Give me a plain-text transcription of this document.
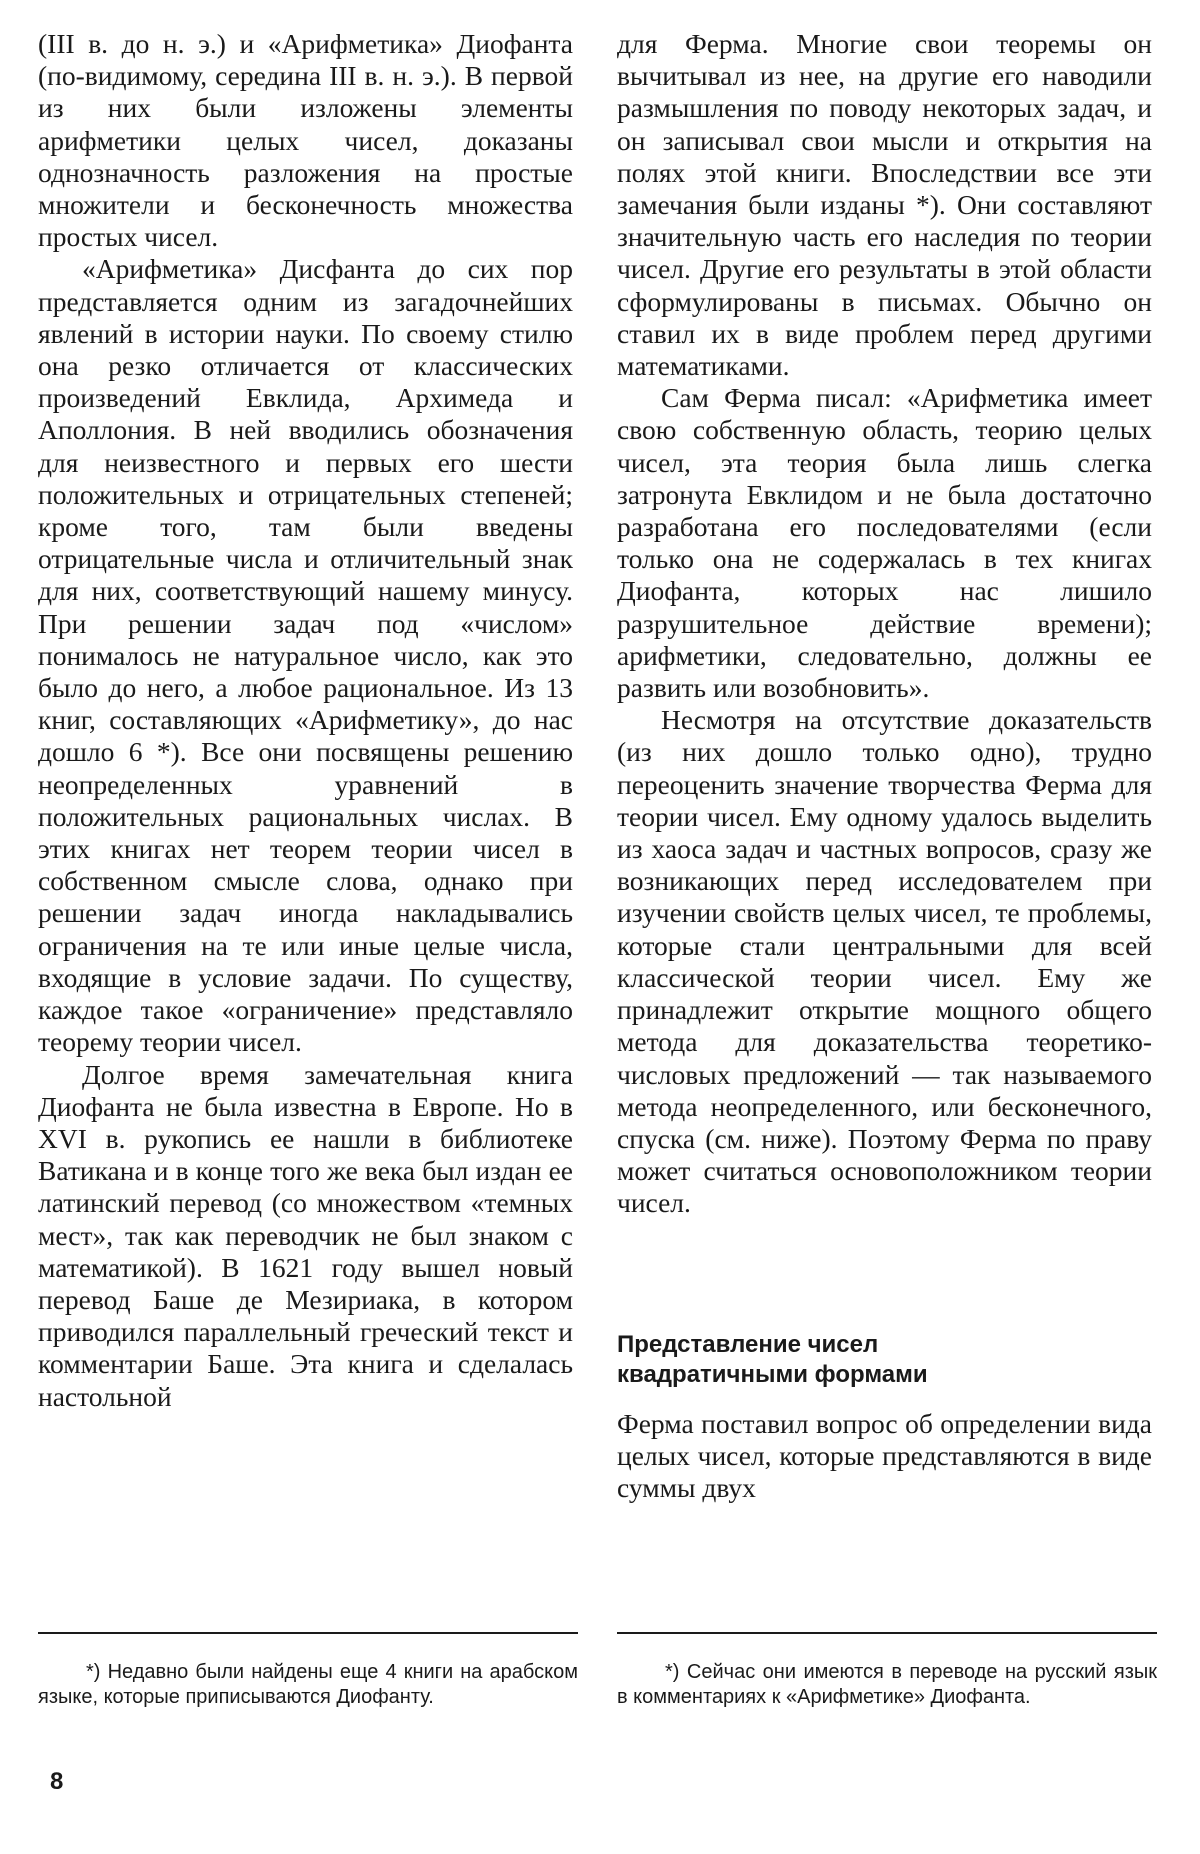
(III в. до н. э.) и «Арифметика» Диофанта (по-видимому, середина III в. н. э.). В первой из них были изложены элементы арифметики целых чисел, доказаны однозначность разложения на простые множители и бесконечность множества простых чисел.

«Арифметика» Дисфанта до сих пор представляется одним из загадочнейших явлений в истории науки. По своему стилю она резко отличается от классических произведений Евклида, Архимеда и Аполлония. В ней вводились обозначения для неизвестного и первых его шести положительных и отрицательных степеней; кроме того, там были введены отрицательные числа и отличительный знак для них, соответствующий нашему минусу. При решении задач под «числом» понималось не натуральное число, как это было до него, а любое рациональное. Из 13 книг, составляющих «Арифметику», до нас дошло 6 *). Все они посвящены решению неопределенных уравнений в положительных рациональных числах. В этих книгах нет теорем теории чисел в собственном смысле слова, однако при решении задач иногда накладывались ограничения на те или иные целые числа, входящие в условие задачи. По существу, каждое такое «ограничение» представляло теорему теории чисел.

Долгое время замечательная книга Диофанта не была известна в Европе. Но в XVI в. рукопись ее нашли в библиотеке Ватикана и в конце того же века был издан ее латинский перевод (со множеством «темных мест», так как переводчик не был знаком с математикой). В 1621 году вышел новый перевод Баше де Мезириака, в котором приводился параллельный греческий текст и комментарии Баше. Эта книга и сделалась настольной

для Ферма. Многие свои теоремы он вычитывал из нее, на другие его наводили размышления по поводу некоторых задач, и он записывал свои мысли и открытия на полях этой книги. Впоследствии все эти замечания были изданы *). Они составляют значительную часть его наследия по теории чисел. Другие его результаты в этой области сформулированы в письмах. Обычно он ставил их в виде проблем перед другими математиками.

Сам Ферма писал: «Арифметика имеет свою собственную область, теорию целых чисел, эта теория была лишь слегка затронута Евклидом и не была достаточно разработана его последователями (если только она не содержалась в тех книгах Диофанта, которых нас лишило разрушительное действие времени); арифметики, следовательно, должны ее развить или возобновить».

Несмотря на отсутствие доказательств (из них дошло только одно), трудно переоценить значение творчества Ферма для теории чисел. Ему одному удалось выделить из хаоса задач и частных вопросов, сразу же возникающих перед исследователем при изучении свойств целых чисел, те проблемы, которые стали центральными для всей классической теории чисел. Ему же принадлежит открытие мощного общего метода для доказательства теоретико-числовых предложений — так называемого метода неопределенного, или бесконечного, спуска (см. ниже). Поэтому Ферма по праву может считаться основоположником теории чисел.

Представление чисел
квадратичными формами

Ферма поставил вопрос об определении вида целых чисел, которые представляются в виде суммы двух

*) Недавно были найдены еще 4 книги на арабском языке, которые приписываются Диофанту.

*) Сейчас они имеются в переводе на русский язык в комментариях к «Арифметике» Диофанта.

8
